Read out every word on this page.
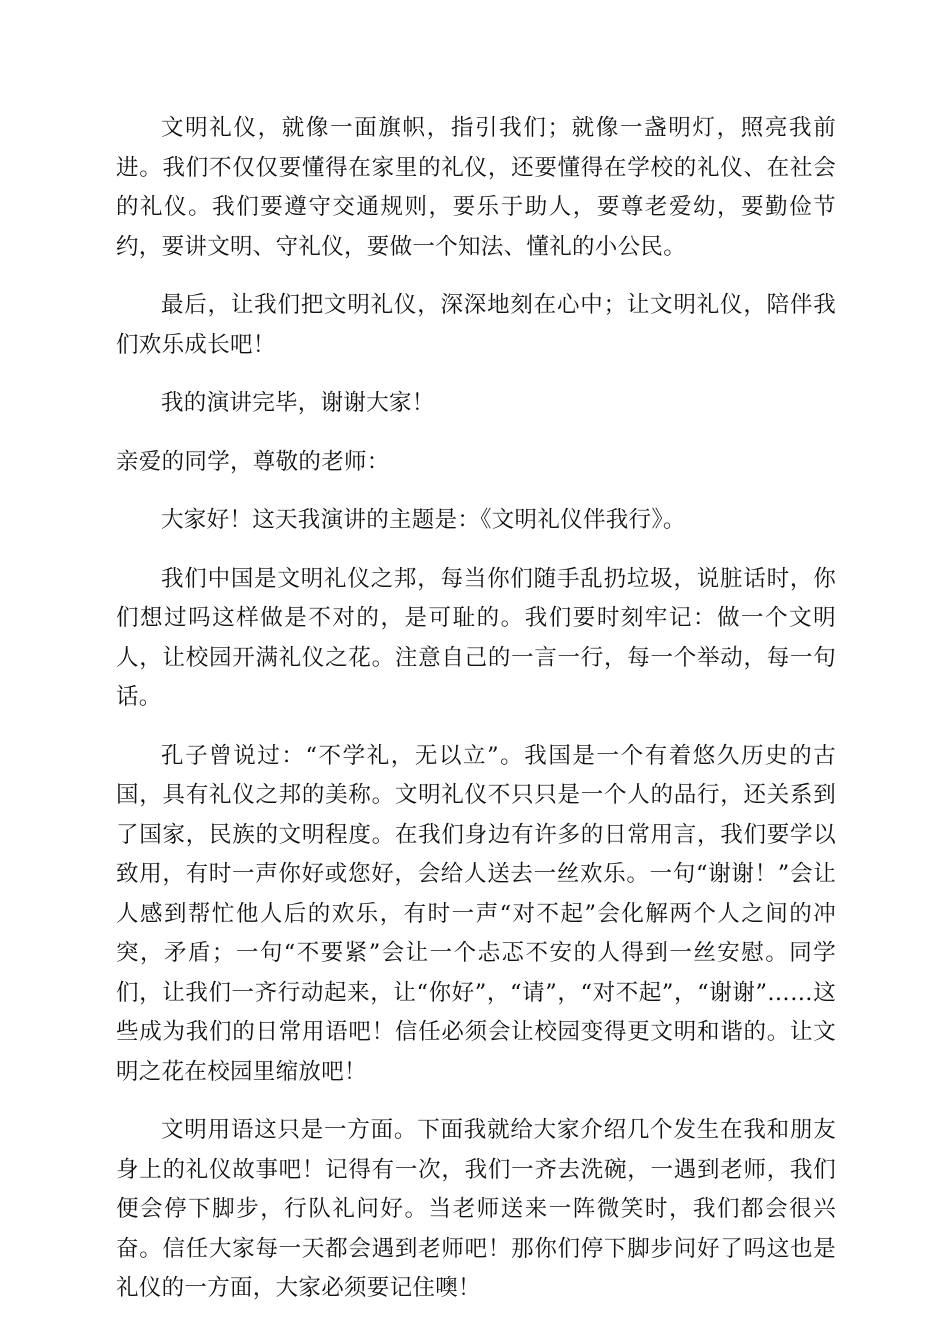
文明礼仪，就像一面旗帜，指引我们；就像一盏明灯，照亮我前进。我们不仅仅要懂得在家里的礼仪，还要懂得在学校的礼仪、在社会的礼仪。我们要遵守交通规则，要乐于助人，要尊老爱幼，要勤俭节约，要讲文明、守礼仪，要做一个知法、懂礼的小公民。

最后，让我们把文明礼仪，深深地刻在心中；让文明礼仪，陪伴我们欢乐成长吧！

我的演讲完毕，谢谢大家！

亲爱的同学，尊敬的老师：

大家好！这天我演讲的主题是：《文明礼仪伴我行》。

我们中国是文明礼仪之邦，每当你们随手乱扔垃圾，说脏话时，你们想过吗这样做是不对的，是可耻的。我们要时刻牢记：做一个文明人，让校园开满礼仪之花。注意自己的一言一行，每一个举动，每一句话。

孔子曾说过：“不学礼，无以立”。我国是一个有着悠久历史的古国，具有礼仪之邦的美称。文明礼仪不只只是一个人的品行，还关系到了国家，民族的文明程度。在我们身边有许多的日常用言，我们要学以致用，有时一声你好或您好，会给人送去一丝欢乐。一句“谢谢！”会让人感到帮忙他人后的欢乐，有时一声“对不起”会化解两个人之间的冲突，矛盾；一句“不要紧”会让一个忐忑不安的人得到一丝安慰。同学们，让我们一齐行动起来，让“你好”，“请”，“对不起”，“谢谢”……这些成为我们的日常用语吧！信任必须会让校园变得更文明和谐的。让文明之花在校园里缩放吧！

文明用语这只是一方面。下面我就给大家介绍几个发生在我和朋友身上的礼仪故事吧！记得有一次，我们一齐去洗碗，一遇到老师，我们便会停下脚步，行队礼问好。当老师送来一阵微笑时，我们都会很兴奋。信任大家每一天都会遇到老师吧！那你们停下脚步问好了吗这也是礼仪的一方面，大家必须要记住噢！
